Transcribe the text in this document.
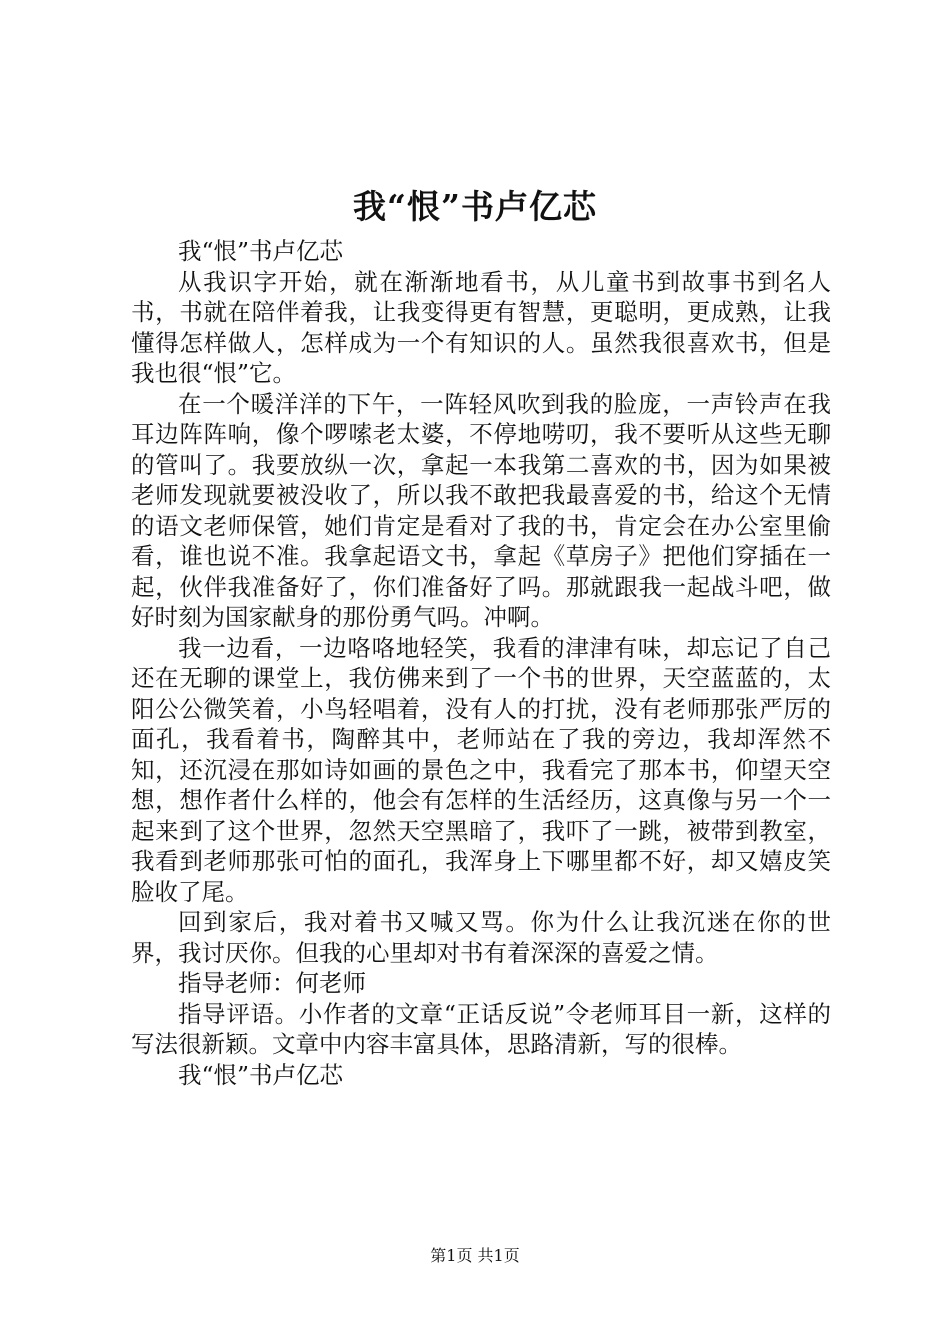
我“恨”书卢亿芯

我“恨”书卢亿芯

从我识字开始，就在渐渐地看书，从儿童书到故事书到名人书，书就在陪伴着我，让我变得更有智慧，更聪明，更成熟，让我懂得怎样做人，怎样成为一个有知识的人。虽然我很喜欢书，但是我也很“恨”它。

在一个暖洋洋的下午，一阵轻风吹到我的脸庞，一声铃声在我耳边阵阵响，像个啰嗦老太婆，不停地唠叨，我不要听从这些无聊的管叫了。我要放纵一次，拿起一本我第二喜欢的书，因为如果被老师发现就要被没收了，所以我不敢把我最喜爱的书，给这个无情的语文老师保管，她们肯定是看对了我的书，肯定会在办公室里偷看，谁也说不准。我拿起语文书，拿起《草房子》把他们穿插在一起，伙伴我准备好了，你们准备好了吗。那就跟我一起战斗吧，做好时刻为国家献身的那份勇气吗。冲啊。

我一边看，一边咯咯地轻笑，我看的津津有味，却忘记了自己还在无聊的课堂上，我仿佛来到了一个书的世界，天空蓝蓝的，太阳公公微笑着，小鸟轻唱着，没有人的打扰，没有老师那张严厉的面孔，我看着书，陶醉其中，老师站在了我的旁边，我却浑然不知，还沉浸在那如诗如画的景色之中，我看完了那本书，仰望天空想，想作者什么样的，他会有怎样的生活经历，这真像与另一个一起来到了这个世界，忽然天空黑暗了，我吓了一跳，被带到教室，我看到老师那张可怕的面孔，我浑身上下哪里都不好，却又嬉皮笑脸收了尾。

回到家后，我对着书又喊又骂。你为什么让我沉迷在你的世界，我讨厌你。但我的心里却对书有着深深的喜爱之情。

指导老师：何老师

指导评语。小作者的文章“正话反说”令老师耳目一新，这样的写法很新颖。文章中内容丰富具体，思路清新，写的很棒。

我“恨”书卢亿芯

第1页 共1页
